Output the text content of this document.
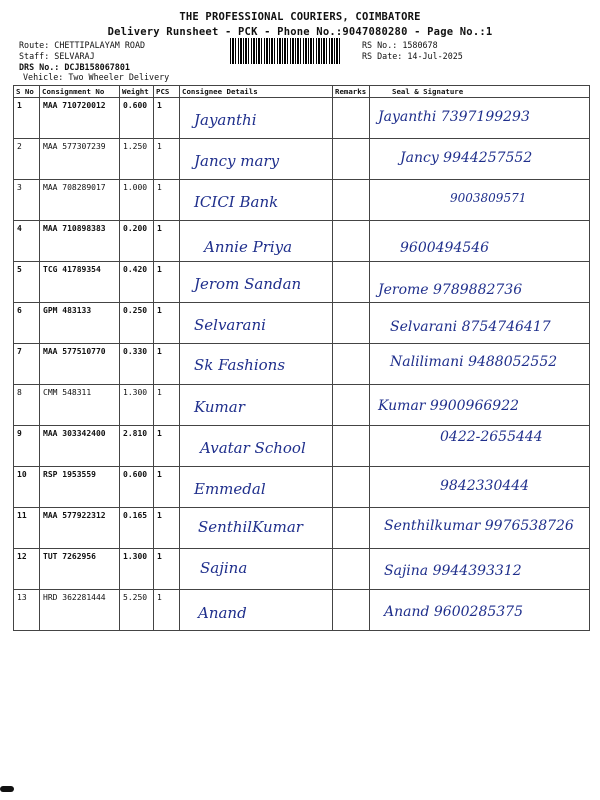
THE PROFESSIONAL COURIERS, COIMBATORE
Delivery Runsheet - PCK - Phone No.:9047080280 - Page No.:1
Route: CHETTIPALAYAM ROAD
Staff: SELVARAJ
DRS No.: DCJB158067801
Vehicle: Two Wheeler Delivery
RS No.: 1580678
RS Date: 14-Jul-2025
S No	Consignment No	Weight	PCS	Consignee Details	Remarks	Seal & Signature
1	MAA 710720012	0.600	1	Jayanthi		Jayanthi 7397199293

2	MAA 577307239	1.250	1	Jancy mary		Jancy 9944257552

3	MAA 708289017	1.000	1	ICICI Bank		9003809571

4	MAA 710898383	0.200	1	Annie Priya		9600494546

5	TCG 41789354	0.420	1	Jerom Sandan		Jerome 9789882736

6	GPM 483133	0.250	1	Selvarani		Selvarani 8754746417

7	MAA 577510770	0.330	1	Sk Fashions		Nalilimani 9488052552

8	CMM 548311	1.300	1	Kumar		Kumar 9900966922

9	MAA 303342400	2.810	1	Avatar School		0422-2655444

10	RSP 1953559	0.600	1	Emmedal		9842330444

11	MAA 577922312	0.165	1	SenthilKumar		Senthilkumar 9976538726

12	TUT 7262956	1.300	1	Sajina		Sajina 9944393312

13	HRD 362281444	5.250	1	Anand		Anand 9600285375
